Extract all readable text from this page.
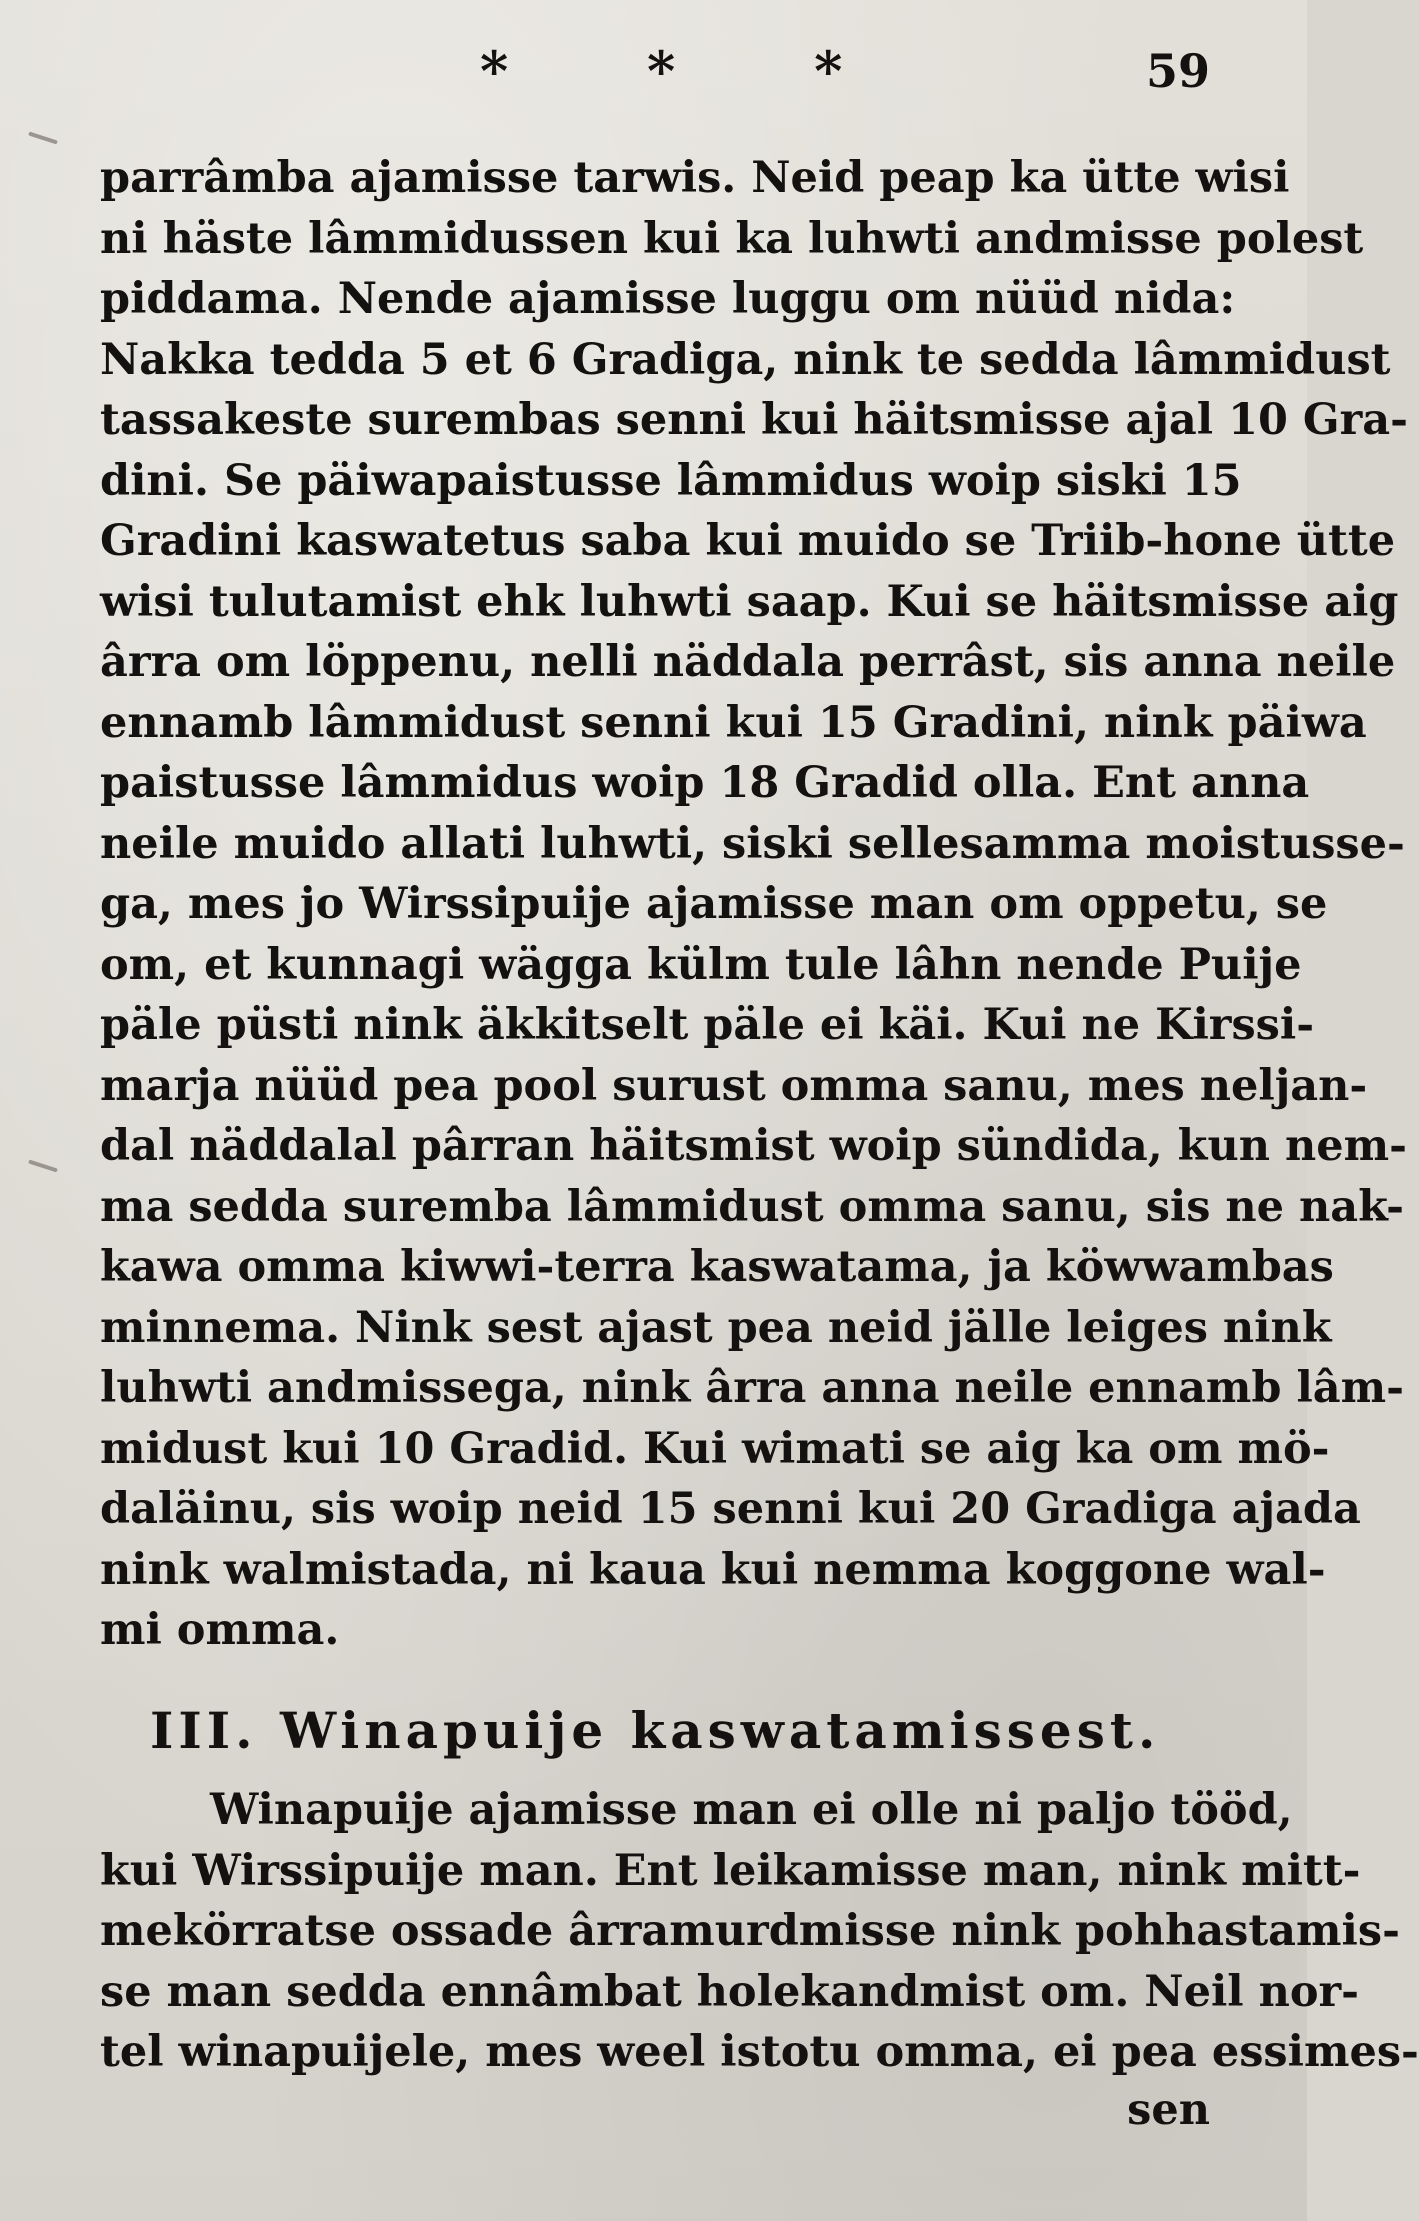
* * *	59
parrâmba ajamisse tarwis. Neid peap ka ütte wisi
ni häste lâmmidussen kui ka luhwti andmisse polest
piddama. Nende ajamisse luggu om nüüd nida:
Nakka tedda 5 et 6 Gradiga, nink te sedda lâmmidust
tassakeste surembas senni kui häitsmisse ajal 10 Gra-
dini. Se päiwapaistusse lâmmidus woip siski 15
Gradini kaswatetus saba kui muido se Triib-hone ütte
wisi tulutamist ehk luhwti saap. Kui se häitsmisse aig
ârra om löppenu, nelli näddala perrâst, sis anna neile
ennamb lâmmidust senni kui 15 Gradini, nink päiwa
paistusse lâmmidus woip 18 Gradid olla. Ent anna
neile muido allati luhwti, siski sellesamma moistusse-
ga, mes jo Wirssipuije ajamisse man om oppetu, se
om, et kunnagi wägga külm tule lâhn nende Puije
päle püsti nink äkkitselt päle ei käi. Kui ne Kirssi-
marja nüüd pea pool surust omma sanu, mes neljan-
dal näddalal pârran häitsmist woip sündida, kun nem-
ma sedda suremba lâmmidust omma sanu, sis ne nak-
kawa omma kiwwi-terra kaswatama, ja köwwambas
minnema. Nink sest ajast pea neid jälle leiges nink
luhwti andmissega, nink ârra anna neile ennamb lâm-
midust kui 10 Gradid. Kui wimati se aig ka om mö-
daläinu, sis woip neid 15 senni kui 20 Gradiga ajada
nink walmistada, ni kaua kui nemma koggone wal-
mi omma.
III. Winapuije kaswatamissest.
Winapuije ajamisse man ei olle ni paljo tööd,
kui Wirssipuije man. Ent leikamisse man, nink mitt-
mekörratse ossade ârramurdmisse nink pohhastamis-
se man sedda ennâmbat holekandmist om. Neil nor-
tel winapuijele, mes weel istotu omma, ei pea essimes-
sen
